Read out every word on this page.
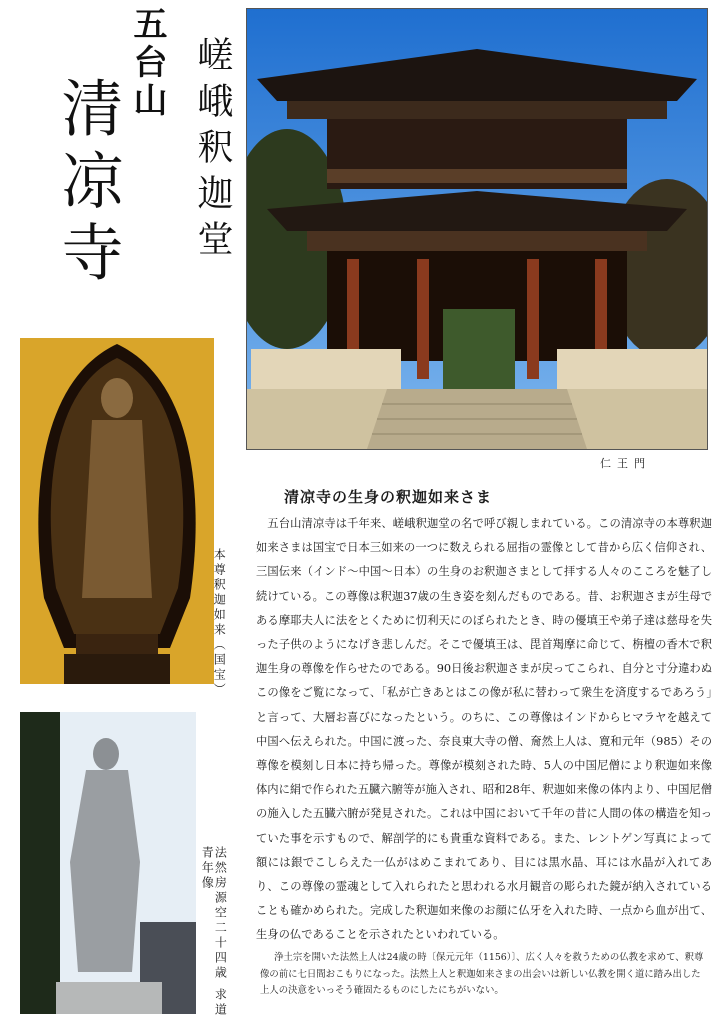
五台山
清凉寺	嵯峨釈迦堂
仁王門
本尊釈迦如来（国宝）
法然房源空二十四歳 求道青年像
清凉寺の生身の釈迦如来さま

五台山清凉寺は千年来、嵯峨釈迦堂の名で呼び親しまれている。この清凉寺の本尊釈迦如来さまは国宝で日本三如来の一つに数えられる屈指の霊像として昔から広く信仰され、三国伝来（インド〜中国〜日本）の生身のお釈迦さまとして拝する人々のこころを魅了し続けている。この尊像は釈迦37歳の生き姿を刻んだものである。昔、お釈迦さまが生母である摩耶夫人に法をとくために忉利天にのぼられたとき、時の優填王や弟子達は慈母を失った子供のようになげき悲しんだ。そこで優填王は、毘首羯摩に命じて、栴檀の香木で釈迦生身の尊像を作らせたのである。90日後お釈迦さまが戻ってこられ、自分と寸分違わぬこの像をご覧になって、「私が亡きあとはこの像が私に替わって衆生を済度するであろう」と言って、大層お喜びになったという。のちに、この尊像はインドからヒマラヤを越えて中国へ伝えられた。中国に渡った、奈良東大寺の僧、奝然上人は、寛和元年（985）その尊像を模刻し日本に持ち帰った。尊像が模刻された時、5人の中国尼僧により釈迦如来像体内に絹で作られた五臓六腑等が施入され、昭和28年、釈迦如来像の体内より、中国尼僧の施入した五臓六腑が発見された。これは中国において千年の昔に人間の体の構造を知っていた事を示すもので、解剖学的にも貴重な資料である。また、レントゲン写真によって額には銀でこしらえた一仏がはめこまれてあり、目には黒水晶、耳には水晶が入れてあり、この尊像の霊魂として入れられたと思われる水月観音の彫られた鏡が納入されていることも確かめられた。完成した釈迦如来像のお顔に仏牙を入れた時、一点から血が出て、生身の仏であることを示されたといわれている。

浄土宗を開いた法然上人は24歳の時〔保元元年（1156）〕、広く人々を救うための仏教を求めて、釈尊像の前に七日間おこもりになった。法然上人と釈迦如来さまの出会いは新しい仏教を開く道に踏み出した上人の決意をいっそう確固たるものにしたにちがいない。
